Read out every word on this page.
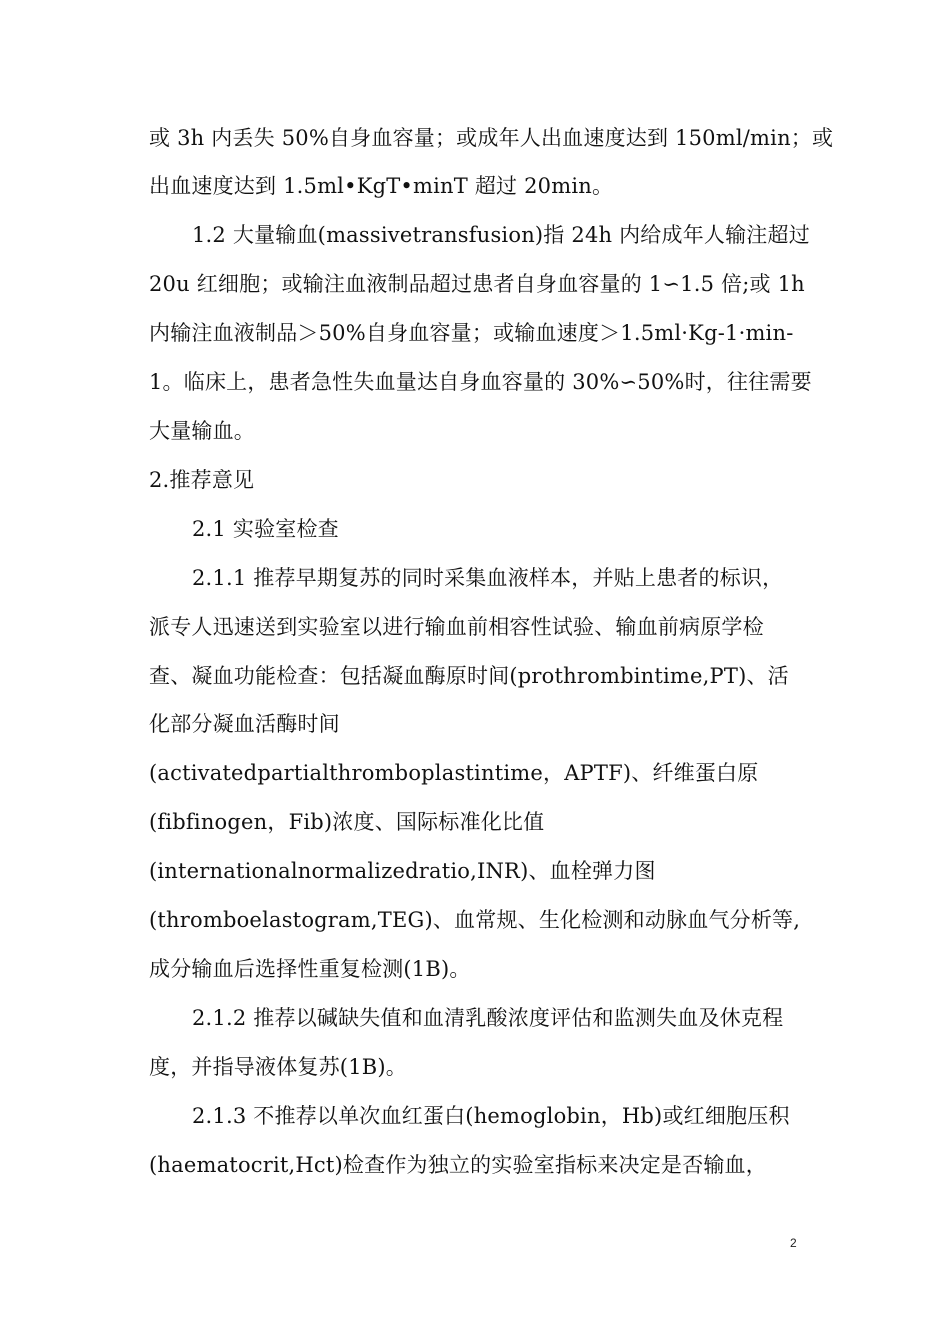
或 3h 内丢失 50%自身血容量；或成年人出血速度达到 150ml/min；或
出血速度达到 1.5ml•KgT•minT 超过 20min。
1.2 大量输血(massivetransfusion)指 24h 内给成年人输注超过
20u 红细胞；或输注血液制品超过患者自身血容量的 1∽1.5 倍;或 1h
内输注血液制品＞50%自身血容量；或输血速度＞1.5ml·Kg-1·min-
1。临床上，患者急性失血量达自身血容量的 30%∽50%时，往往需要
大量输血。
2.推荐意见
2.1 实验室检查
2.1.1 推荐早期复苏的同时采集血液样本，并贴上患者的标识，
派专人迅速送到实验室以进行输血前相容性试验、输血前病原学检
查、凝血功能检查：包括凝血酶原时间(prothrombintime,PT)、活
化部分凝血活酶时间
(activatedpartialthromboplastintime，APTF)、纤维蛋白原
(fibfinogen，Fib)浓度、国际标准化比值
(internationalnormalizedratio,INR)、血栓弹力图
(thromboelastogram,TEG)、血常规、生化检测和动脉血气分析等,
成分输血后选择性重复检测(1B)。
2.1.2 推荐以碱缺失值和血清乳酸浓度评估和监测失血及休克程
度，并指导液体复苏(1B)。
2.1.3 不推荐以单次血红蛋白(hemoglobin，Hb)或红细胞压积
(haematocrit,Hct)检查作为独立的实验室指标来决定是否输血，
2
